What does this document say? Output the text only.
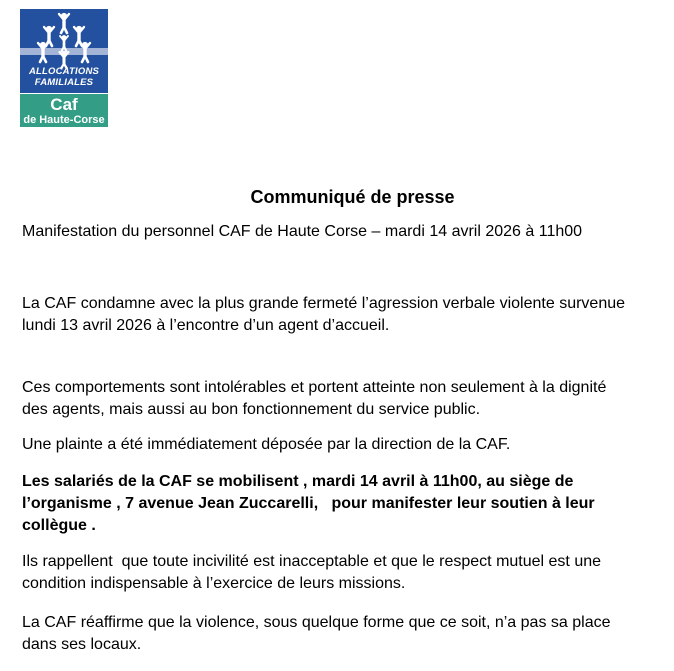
ALLOCATIONS
FAMILIALES
Caf
de Haute-Corse
Communiqué de presse
Manifestation du personnel CAF de Haute Corse – mardi 14 avril 2026 à 11h00
La CAF condamne avec la plus grande fermeté l’agression verbale violente survenue
lundi 13 avril 2026 à l’encontre d’un agent d’accueil.
Ces comportements sont intolérables et portent atteinte non seulement à la dignité
des agents, mais aussi au bon fonctionnement du service public.
Une plainte a été immédiatement déposée par la direction de la CAF.
Les salariés de la CAF se mobilisent , mardi 14 avril à 11h00, au siège de
l’organisme , 7 avenue Jean Zuccarelli,   pour manifester leur soutien à leur
collègue .
Ils rappellent  que toute incivilité est inacceptable et que le respect mutuel est une
condition indispensable à l’exercice de leurs missions.
La CAF réaffirme que la violence, sous quelque forme que ce soit, n’a pas sa place
dans ses locaux.
